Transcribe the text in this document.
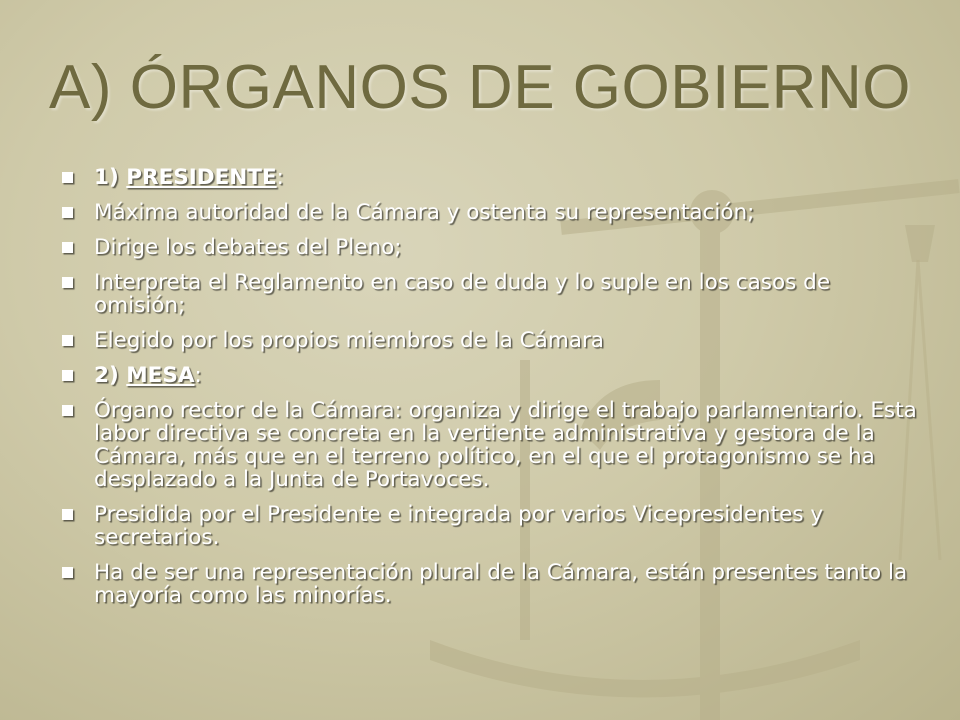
A) ÓRGANOS DE GOBIERNO
1) PRESIDENTE:
Máxima autoridad de la Cámara y ostenta su representación;
Dirige los debates del Pleno;
Interpreta el Reglamento en caso de duda y lo suple en los casos de omisión;
Elegido por los propios miembros de la Cámara
2) MESA:
Órgano rector de la Cámara: organiza y dirige el trabajo parlamentario. Esta labor directiva se concreta en la vertiente administrativa y gestora de la Cámara, más que en el terreno político, en el que el protagonismo se ha desplazado a la Junta de Portavoces.
Presidida por el Presidente e integrada por varios Vicepresidentes y secretarios.
Ha de ser una representación plural de la Cámara, están presentes tanto la mayoría como las minorías.
